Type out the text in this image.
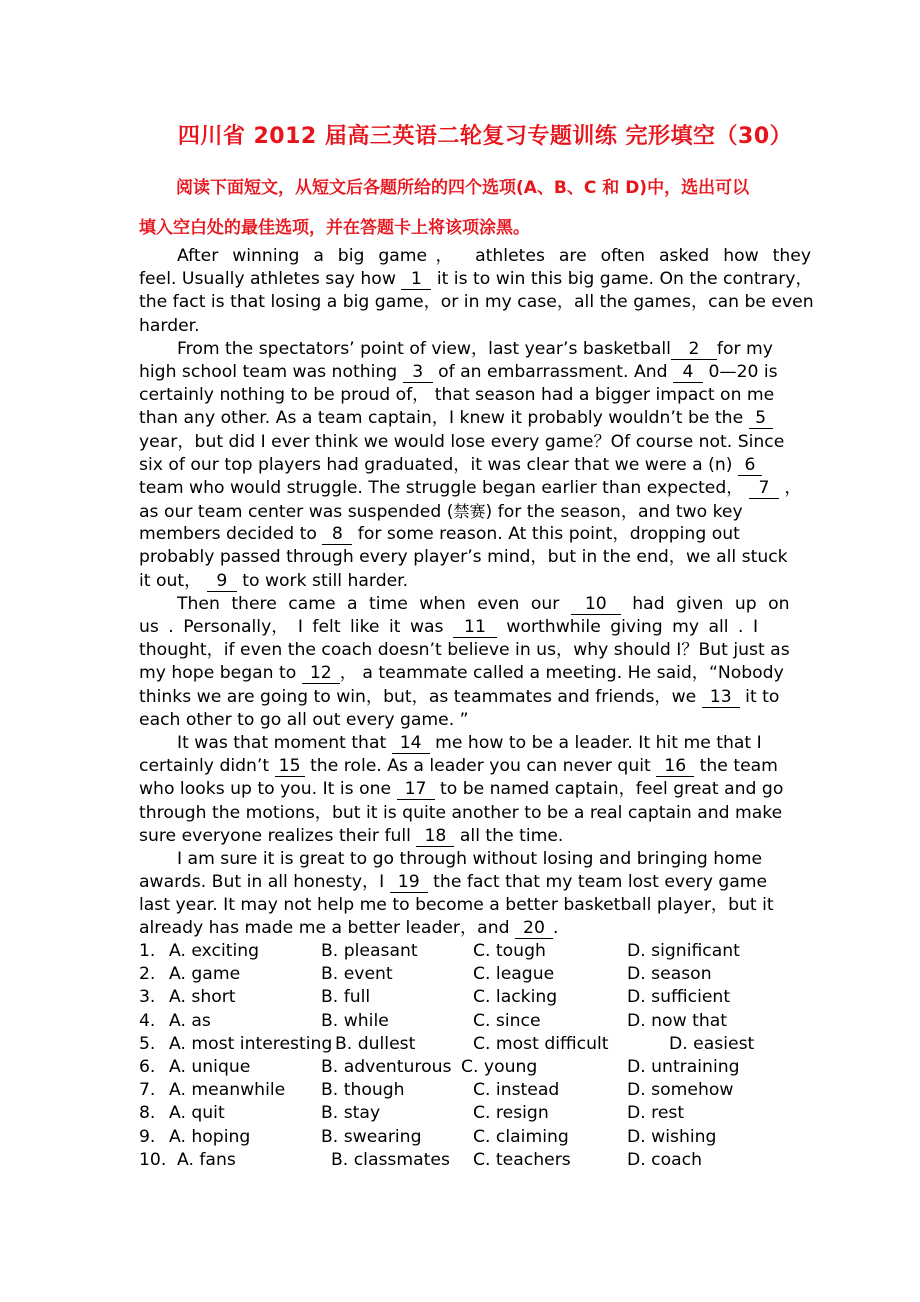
四川省 2012 届高三英语二轮复习专题训练 完形填空（30）
阅读下面短文，从短文后各题所给的四个选项(A、B、C 和 D)中，选出可以
填入空白处的最佳选项，并在答题卡上将该项涂黑。
After winning a big game， athletes are often asked how they
feel. Usually athletes say how 1 it is to win this big game. On the contrary，
the fact is that losing a big game，or in my case，all the games，can be even
harder.
From the spectators’ point of view，last year’s basketball 2 for my
high school team was nothing 3 of an embarrassment. And 4 0—20 is
certainly nothing to be proud of， that season had a bigger impact on me
than any other. As a team captain，I knew it probably wouldn’t be the 5
year，but did I ever think we would lose every game？Of course not. Since
six of our top players had graduated，it was clear that we were a (n) 6
team who would struggle. The struggle began earlier than expected， 7 ，
as our team center was suspended (禁赛) for the season，and two key
members decided to 8 for some reason. At this point，dropping out
probably passed through every player’s mind，but in the end，we all stuck
it out， 9 to work still harder.
Then there came a time when even our 10 had given up on
us . Personally， I felt like it was 11 worthwhile giving my all . I
thought，if even the coach doesn’t believe in us，why should I？But just as
my hope began to 12 ， a teammate called a meeting. He said，“Nobody
thinks we are going to win，but，as teammates and friends，we 13 it to
each other to go all out every game. ”
It was that moment that 14 me how to be a leader. It hit me that I
certainly didn’t 15 the role. As a leader you can never quit 16 the team
who looks up to you. It is one 17 to be named captain，feel great and go
through the motions，but it is quite another to be a real captain and make
sure everyone realizes their full 18 all the time.
I am sure it is great to go through without losing and bringing home
awards. But in all honesty，I 19 the fact that my team lost every game
last year. It may not help me to become a better basketball player，but it
already has made me a better leader，and 20 .
1. A. exciting	B. pleasant	C. tough	D. significant
2. A. game	B. event	C. league	D. season
3. A. short	B. full	C. lacking	D. sufficient
4. A. as	B. while	C. since	D. now that
5. A. most interesting B. dullest	C. most difficult	D. easiest
6. A. unique	B. adventurous C. young	D. untraining
7. A. meanwhile B. though	C. instead	D. somehow
8. A. quit	B. stay	C. resign	D. rest
9. A. hoping	B. swearing	C. claiming	D. wishing
10. A. fans	B. classmates C. teachers	D. coach
